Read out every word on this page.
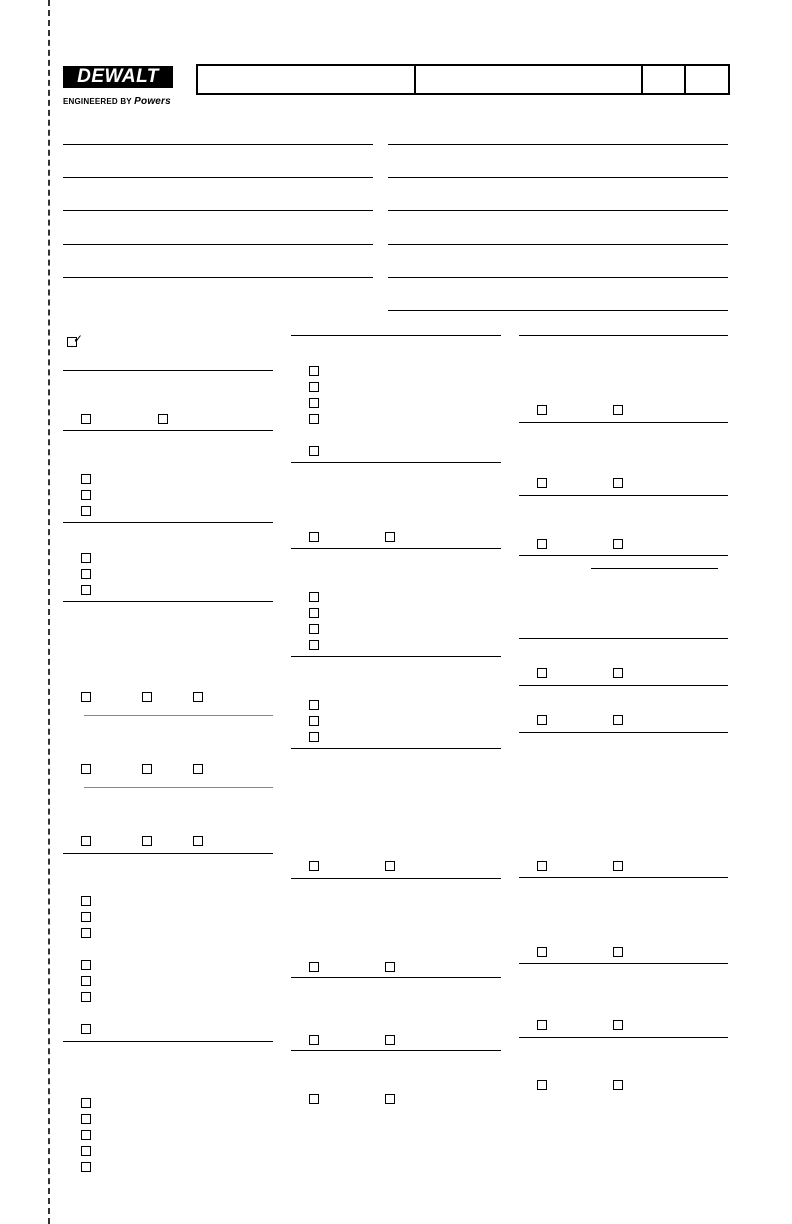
DEWALT
ENGINEERED BY Powers
✓
